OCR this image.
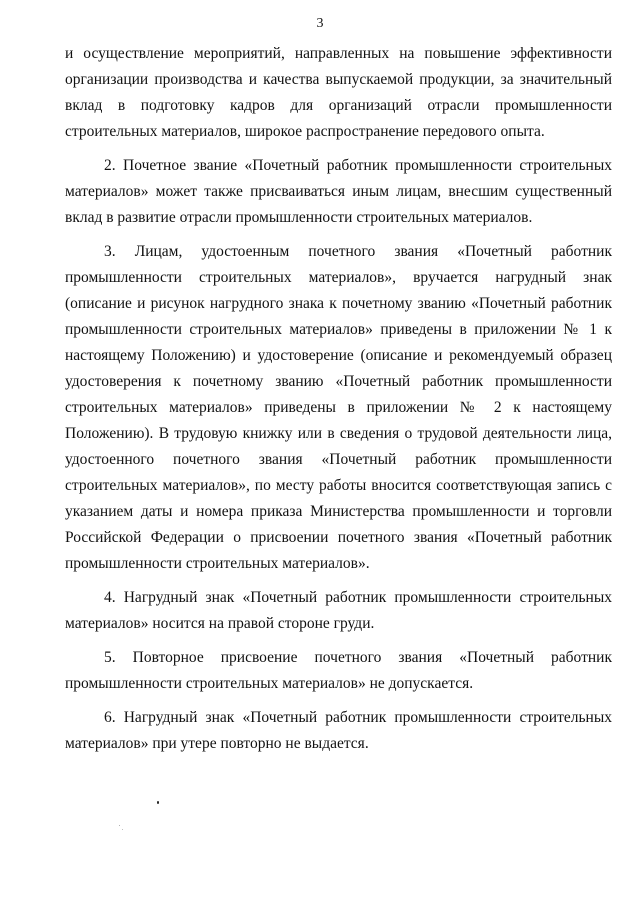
3

и осуществление мероприятий, направленных на повышение эффективности организации производства и качества выпускаемой продукции, за значительный вклад в подготовку кадров для организаций отрасли промышленности строительных материалов, широкое распространение передового опыта.

2. Почетное звание «Почетный работник промышленности строительных материалов» может также присваиваться иным лицам, внесшим существенный вклад в развитие отрасли промышленности строительных материалов.

3. Лицам, удостоенным почетного звания «Почетный работник промышленности строительных материалов», вручается нагрудный знак (описание и рисунок нагрудного знака к почетному званию «Почетный работник промышленности строительных материалов» приведены в приложении № 1 к настоящему Положению) и удостоверение (описание и рекомендуемый образец удостоверения к почетному званию «Почетный работник промышленности строительных материалов» приведены в приложении № 2 к настоящему Положению). В трудовую книжку или в сведения о трудовой деятельности лица, удостоенного почетного звания «Почетный работник промышленности строительных материалов», по месту работы вносится соответствующая запись с указанием даты и номера приказа Министерства промышленности и торговли Российской Федерации о присвоении почетного звания «Почетный работник промышленности строительных материалов».

4. Нагрудный знак «Почетный работник промышленности строительных материалов» носится на правой стороне груди.

5. Повторное присвоение почетного звания «Почетный работник промышленности строительных материалов» не допускается.

6. Нагрудный знак «Почетный работник промышленности строительных материалов» при утере повторно не выдается.
